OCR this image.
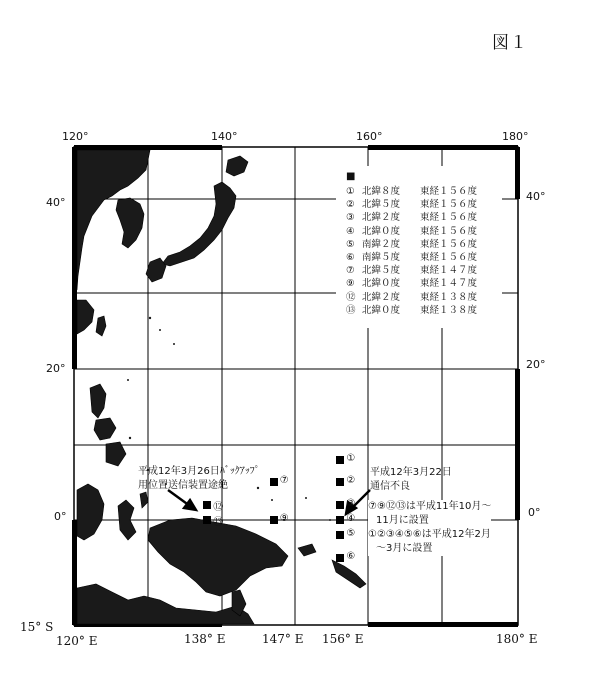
図１
120°	140°	160°	180°
40°
20°
0°
40°
20°
0°
15° S
120° E	138° E	147° E 156° E	180° E
①
②
③
④
⑤
⑥
⑦
⑨
⑫
⑬
■
① 北緯８度 東経１５６度
② 北緯５度 東経１５６度
③ 北緯２度 東経１５６度
④ 北緯０度 東経１５６度
⑤ 南緯２度 東経１５６度
⑥ 南緯５度 東経１５６度
⑦ 北緯５度 東経１４７度
⑨ 北緯０度 東経１４７度
⑫ 北緯２度 東経１３８度
⑬ 北緯０度 東経１３８度
平成12年3月26日ﾊﾞｯｸｱｯﾌﾟ
用位置送信装置途絶
平成12年3月22日
通信不良
⑦⑨⑫⑬は平成11年10月～
11月に設置
①②③④⑤⑥は平成12年2月
～3月に設置
